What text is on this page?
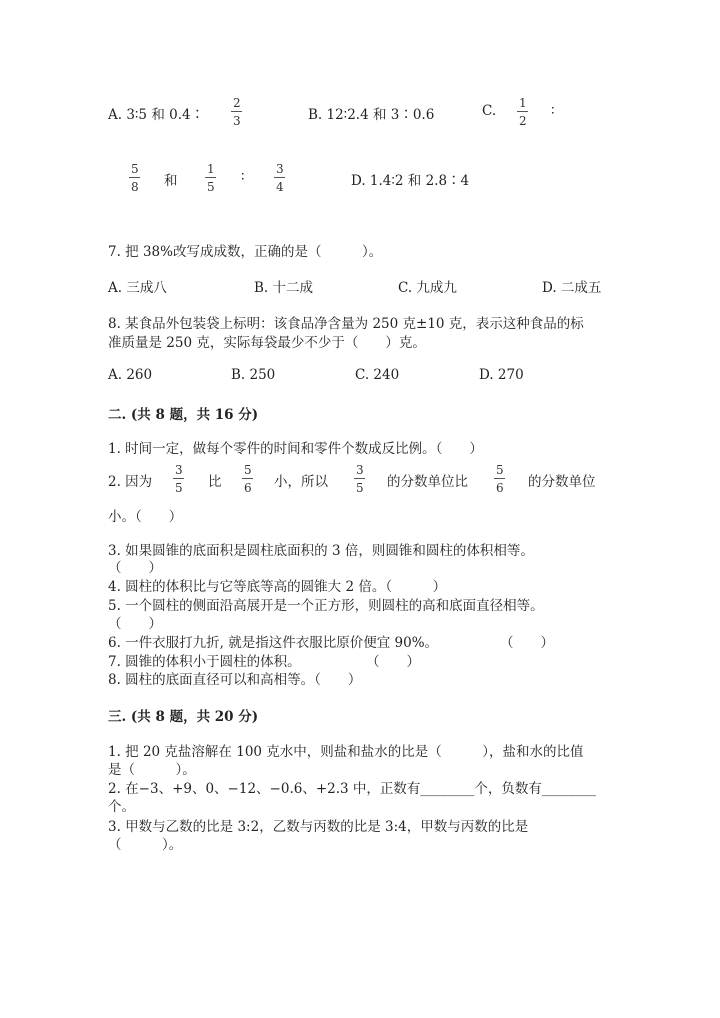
A. 3∶5 和 0.4∶
2
3	B. 12∶2.4 和 3∶0.6	C. 1
2
∶
5
8 和
1
5
∶	3
4	D. 1.4∶2 和 2.8∶4
7. 把 38%改写成成数，正确的是（　　　）。
A. 三成八	B. 十二成	C. 九成九	D. 二成五
8. 某食品外包装袋上标明：该食品净含量为 250 克±10 克，表示这种食品的标
准质量是 250 克，实际每袋最少不少于（　　）克。
A. 260	B. 250	C. 240	D. 270
二. (共 8 题，共 16 分)
1. 时间一定，做每个零件的时间和零件个数成反比例。（　　）
2. 因为
3
5 比
5
6 小，所以
3
5 的分数单位比
5
6 的分数单位
小。（　　）
3. 如果圆锥的底面积是圆柱底面积的 3 倍，则圆锥和圆柱的体积相等。
（　　）
4. 圆柱的体积比与它等底等高的圆锥大 2 倍。（　　　）
5. 一个圆柱的侧面沿高展开是一个正方形，则圆柱的高和底面直径相等。
（　　）
6. 一件衣服打九折, 就是指这件衣服比原价便宜 90%。	（　　）
7. 圆锥的体积小于圆柱的体积。	（　　）
8. 圆柱的底面直径可以和高相等。（　　）
三. (共 8 题，共 20 分)
1. 把 20 克盐溶解在 100 克水中，则盐和盐水的比是（　　　），盐和水的比值
是（　　　）。
2. 在−3、+9、0、−12、−0.6、+2.3 中，正数有________个，负数有________
个。
3. 甲数与乙数的比是 3:2，乙数与丙数的比是 3:4，甲数与丙数的比是
（　　　）。
